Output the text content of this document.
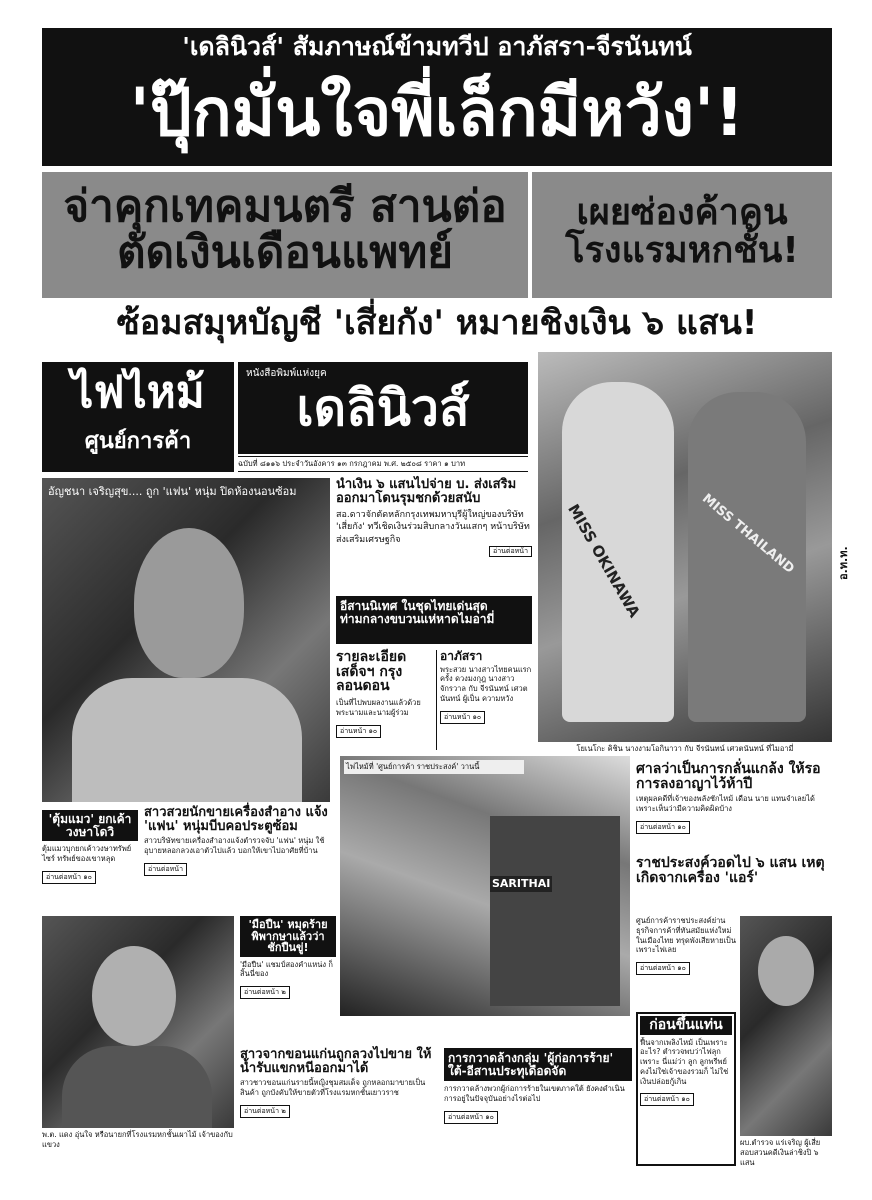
'เดลินิวส์' สัมภาษณ์ข้ามทวีป อาภัสรา-จีรนันทน์
'ปุ๊กมั่นใจพี่เล็กมีหวัง'!
จ่าคุกเทคมนตรี สานต่อตัดเงินเดือนแพทย์
เผยซ่องค้าคน โรงแรมหกชั้น!
ซ้อมสมุหบัญชี 'เสี่ยกัง' หมายชิงเงิน ๖ แสน!
ไฟไหม้
ศูนย์การค้า
หนังสือพิมพ์แห่งยุค
เดลินิวส์
ฉบับที่ ๘๑๑๖ ประจำวันอังคาร ๑๓ กรกฎาคม พ.ศ. ๒๕๐๘ ราคา ๑ บาท
อัญชนา เจริญสุข.... ถูก 'แฟน' หนุ่ม ปิดห้องนอนซ้อม	นำเงิน ๖ แสนไปจ่าย บ. ส่งเสริม ออกมาโดนรุมชกด้วยสนับ
สอ.ดาวจักตัดหลักกรุงเทพมหาบุรีผู้ใหญ่ของบริษัท 'เสี่ยกัง' ทวีเชิดเงินร่วมสิบกลางวันแสกๆ หน้าบริษัทส่งเสริมเศรษฐกิจ
อ่านต่อหน้า
อีสานนิเทศ ในชุดไทยเด่นสุด ท่ามกลางขบวนแห่หาดไมอามี่
รายละเอียดเสด็จฯ กรุงลอนดอน
เป็นที่ไปพบผลงานแล้วด้วย พระนามและนามผู้ร่วม
อ่านหน้า ๑๐
อาภัสรา
พระสวย นางสาวไทยคนแรก ครั้ง ดวงมงกุฎ นางสาวจักรวาล กับ จีรนันทน์ เศวตนันทน์ ผู้เป็น ความหวัง
อ่านหน้า ๑๐
MISS OKINAWA	MISS THAILAND
โยเนโกะ คิชิน นางงามโอกินาวา กับ จีรนันทน์ เศวตนันทน์ ที่ไมอามี่
อ.ท.ท.
ไฟไหม้ที่ 'ศูนย์การค้า ราชประสงค์' วานนี้
SARITHAI
ศาลว่าเป็นการกลั่นแกล้ง ให้รอการลงอาญาไว้ห้าปี
เหตุผลคดีที่เจ้าของพลังชักไหม้ เดือน นาย แทนจำเลยได้เพราะเห็นว่ามีความคิดผิดบ้าง
อ่านต่อหน้า ๑๐
ราชประสงค์วอดไป ๖ แสน เหตุเกิดจากเครื่อง 'แอร์'
ศูนย์การค้าราชประสงค์ย่านธุรกิจการค้าที่ทันสมัยแห่งใหม่ในเมืองไทย ทรุดพังเสียหายเป็นเพราะไฟเลย
อ่านต่อหน้า ๑๐
ผบ.ตำรวจ แร่เจริญ ผู้เสี่ย สอบสวนคดีเงินล่าชิงปิ ๖ แสน
ก่อนขึ้นแท่น
ฟื้นจากเพลิงไหม้ เป็นเพราะอะไร? ตำรวจพบว่าไฟลุก เพราะ นี่แม่ว่า ลูก ลูกพรีพย์ คงไม่ใช่เจ้าของรวมก็ ไม่ใช่เงินปล่อยกู้เกิน
อ่านต่อหน้า ๑๐
สาวสวยนักขายเครื่องสำอาง แจ้ง 'แฟน' หนุ่มบีบคอประตูซ้อม
สาวบริษัทขายเครื่องสำอางแจ้งตำรวจจับ 'แฟน' หนุ่ม ใช้อุบายหลอกลวงเอาตัวไปแล้ว บอกให้เขาไปอาศัยที่บ้าน
อ่านต่อหน้า
'ตุ้มแมว' ยกเค้า วงษาโดวิ
ตุ้มแมวบุกยกเค้าวงษาทรัพย์ไซร์ ทรัพย์ของเขาหลุด
อ่านต่อหน้า ๑๐
พ.ต. แดง อุ่นใจ หรือนายกที่โรงแรมหกชั้นเผาไม้ เจ้าของกับแขวง
'มือปืน' หมุดร้าย พิพากษาแล้วว่า ชักปืนขู่!
'มือปืน' แชมป์สองคำแหน่ง ก็สิ้นนี่ของ
อ่านต่อหน้า ๒
สาวจากขอนแก่นถูกลวงไปขาย ให้น้ำรับแขกหนีออกมาได้
สาวชาวขอนแก่นรายนี้หญิงชุมสมเด็จ ถูกหลอกมาขายเป็นสินค้า ถูกบังคับให้ขายตัวที่โรงแรมหกชั้นเยาวราช
อ่านต่อหน้า ๒
การกวาดล้างกลุ่ม 'ผู้ก่อการร้าย' ใต้-อีสานประทุเดือดจัด
การกวาดล้างพวกผู้ก่อการร้ายในเขตภาคใต้ ยังคงดำเนินการอยู่ในปัจจุบันอย่างไรต่อไป
อ่านต่อหน้า ๑๐
